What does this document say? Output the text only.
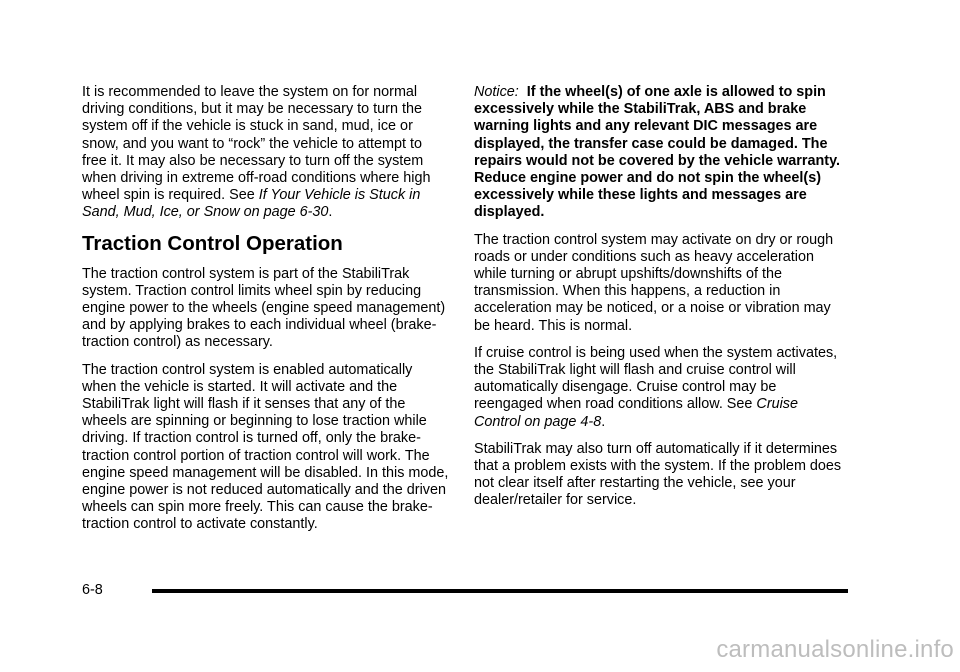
It is recommended to leave the system on for normal driving conditions, but it may be necessary to turn the system off if the vehicle is stuck in sand, mud, ice or snow, and you want to “rock” the vehicle to attempt to free it. It may also be necessary to turn off the system when driving in extreme off-road conditions where high wheel spin is required. See If Your Vehicle is Stuck in Sand, Mud, Ice, or Snow on page 6-30.

Traction Control Operation

The traction control system is part of the StabiliTrak system. Traction control limits wheel spin by reducing engine power to the wheels (engine speed management) and by applying brakes to each individual wheel (brake-traction control) as necessary.

The traction control system is enabled automatically when the vehicle is started. It will activate and the StabiliTrak light will flash if it senses that any of the wheels are spinning or beginning to lose traction while driving. If traction control is turned off, only the brake-traction control portion of traction control will work. The engine speed management will be disabled. In this mode, engine power is not reduced automatically and the driven wheels can spin more freely. This can cause the brake-traction control to activate constantly.

Notice: If the wheel(s) of one axle is allowed to spin excessively while the StabiliTrak, ABS and brake warning lights and any relevant DIC messages are displayed, the transfer case could be damaged. The repairs would not be covered by the vehicle warranty. Reduce engine power and do not spin the wheel(s) excessively while these lights and messages are displayed.

The traction control system may activate on dry or rough roads or under conditions such as heavy acceleration while turning or abrupt upshifts/downshifts of the transmission. When this happens, a reduction in acceleration may be noticed, or a noise or vibration may be heard. This is normal.

If cruise control is being used when the system activates, the StabiliTrak light will flash and cruise control will automatically disengage. Cruise control may be reengaged when road conditions allow. See Cruise Control on page 4-8.

StabiliTrak may also turn off automatically if it determines that a problem exists with the system. If the problem does not clear itself after restarting the vehicle, see your dealer/retailer for service.

6-8
carmanualsonline.info
